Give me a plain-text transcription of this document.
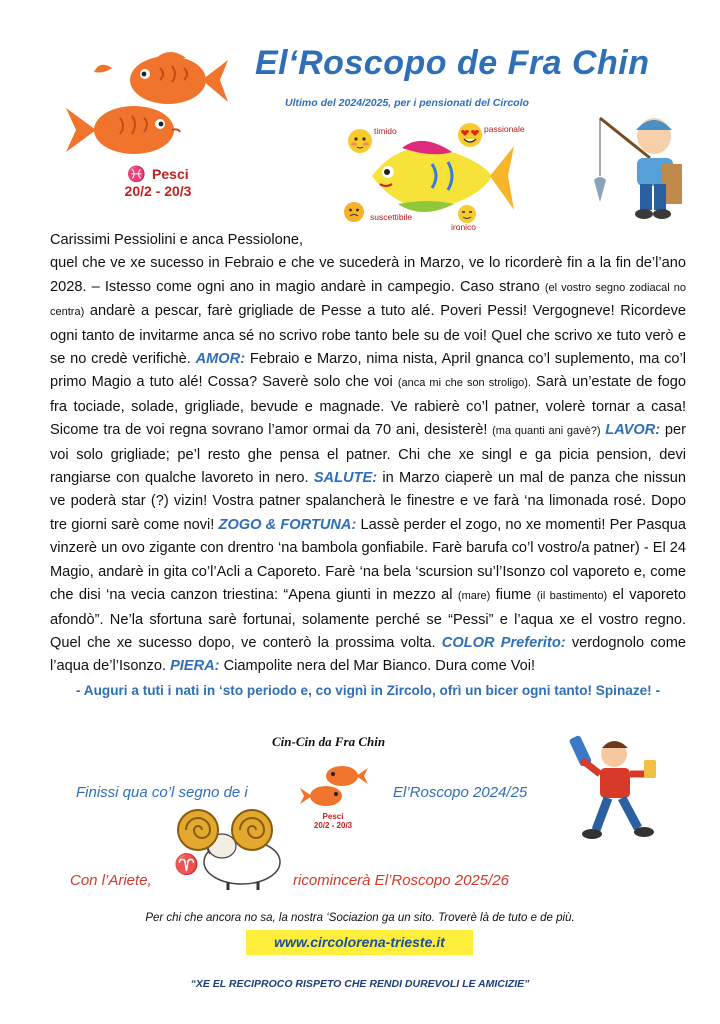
El‘Roscopo de Fra Chin
Ultimo del 2024/2025, per i pensionati del Circolo
♓ Pesci
20/2 - 20/3
timido	passionale
suscettibile
ironico
Carissimi Pessiolini e anca Pessiolone,
quel che ve xe sucesso in Febraio e che ve sucederà in Marzo, ve lo ricorderè fin a la fin de’l’ano 2028. – Istesso come ogni ano in magio andarè in campegio. Caso strano (el vostro segno zodiacal no centra) andarè a pescar, farè grigliade de Pesse a tuto alé. Poveri Pessi! Vergogneve! Ricordeve ogni tanto de invitarme anca sé no scrivo robe tanto bele su de voi! Quel che scrivo xe tuto verò e se no credè verifichè. AMOR: Febraio e Marzo, nima nista, April gnanca co’l suplemento, ma co’l primo Magio a tuto alé! Cossa? Saverè solo che voi (anca mi che son stroligo). Sarà un’estate de fogo fra tociade, solade, grigliade, bevude e magnade. Ve rabierè co’l patner, volerè tornar a casa! Sicome tra de voi regna sovrano l’amor ormai da 70 ani, desisterè! (ma quanti ani gavè?) LAVOR: per voi solo grigliade; pe’l resto ghe pensa el patner. Chi che xe singl e ga picia pension, devi rangiarse con qualche lavoreto in nero. SALUTE: in Marzo ciaperè un mal de panza che nissun ve poderà star (?) vizin! Vostra patner spalancherà le finestre e ve farà ‘na limonada rosé. Dopo tre giorni sarè come novi! ZOGO & FORTUNA: Lassè perder el zogo, no xe momenti! Per Pasqua vinzerè un ovo zigante con drentro ‘na bambola gonfiabile. Farè barufa co’l vostro/a patner) - El 24 Magio, andarè in gita co’l’Acli a Caporeto. Farè ‘na bela ‘scursion su’l’Isonzo col vaporeto e, come che disi ‘na vecia canzon triestina: “Apena giunti in mezzo al (mare) fiume (il bastimento) el vaporeto afondò”. Ne’la sfortuna sarè fortunai, solamente perché se “Pessi” e l’aqua xe el vostro regno. Quel che xe sucesso dopo, ve conterò la prossima volta. COLOR Preferito: verdognolo come l’aqua de’l’Isonzo. PIERA: Ciampolite nera del Mar Bianco. Dura come Voi!
- Auguri a tuti i nati in ‘sto periodo e, co vignì in Zircolo, ofrì un bicer ogni tanto! Spinaze! -
Cin-Cin da Fra Chin
Finissi qua co’l segno de i	El’Roscopo 2024/25
Pesci
20/2 - 20/3
♈
Con l’Ariete,	ricomincerà El’Roscopo 2025/26
Per chi che ancora no sa, la nostra ‘Sociazion ga un sito. Troverè là de tuto e de più.
www.circolorena-trieste.it
“XE EL RECIPROCO RISPETO CHE RENDI DUREVOLI LE AMICIZIE”
